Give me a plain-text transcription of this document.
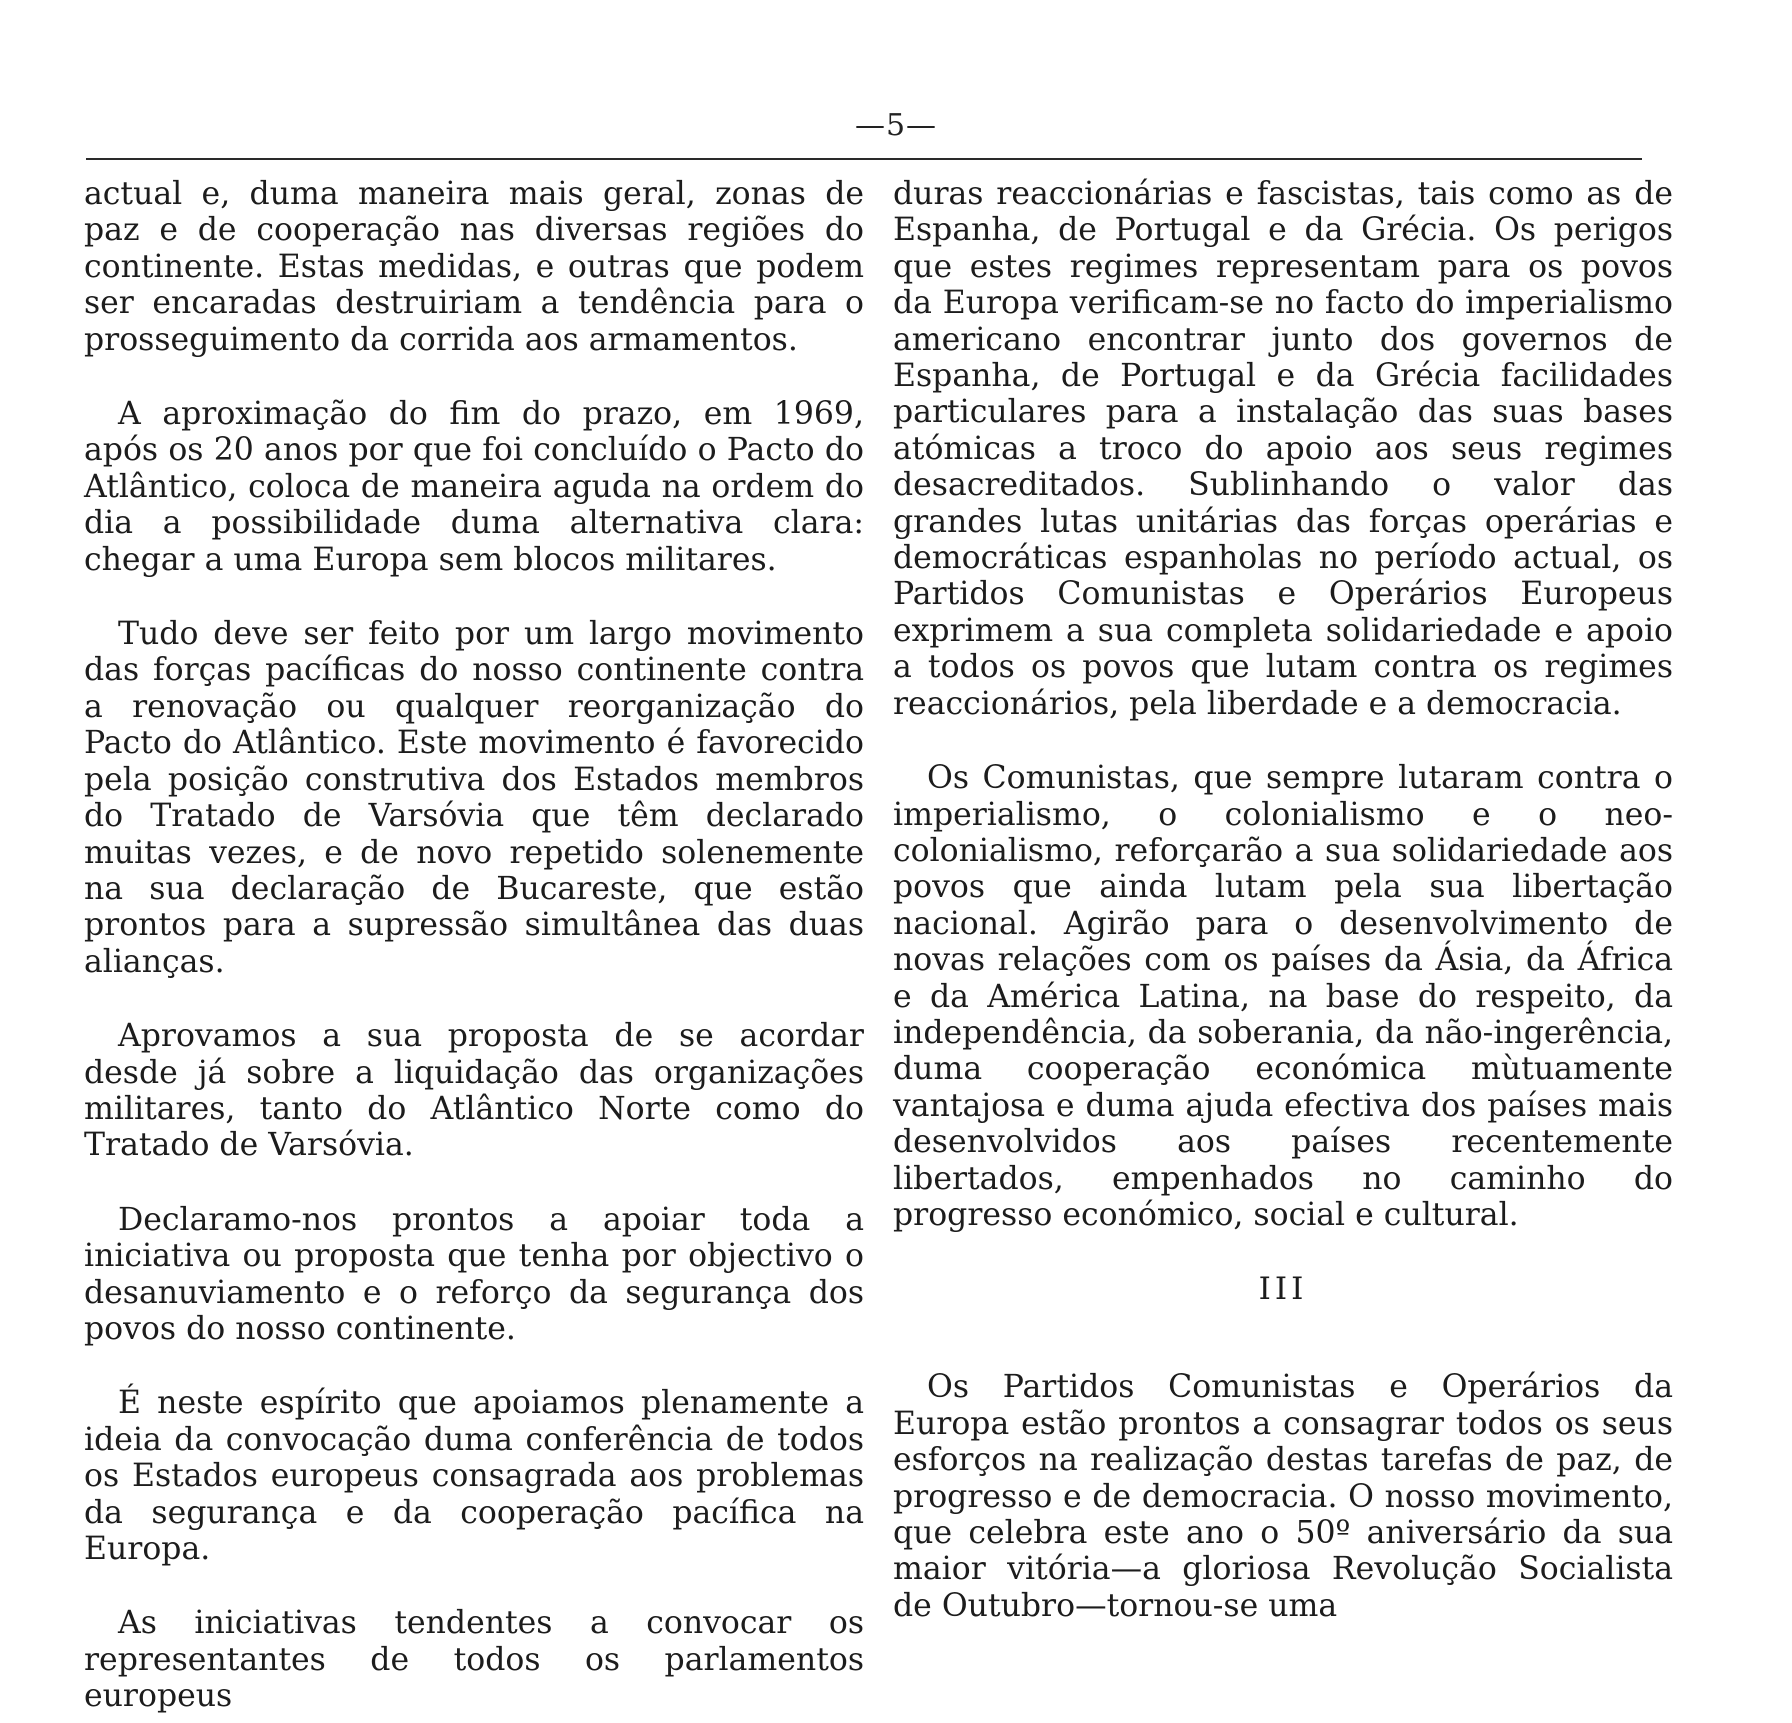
—5—

actual e, duma maneira mais geral, zonas de paz e de cooperação nas diversas regiões do continente. Estas medidas, e outras que podem ser encaradas destruiriam a tendência para o prosseguimento da corrida aos armamentos.

A aproximação do fim do prazo, em 1969, após os 20 anos por que foi concluído o Pacto do Atlântico, coloca de maneira aguda na ordem do dia a possibilidade duma alternativa clara: chegar a uma Europa sem blocos militares.

Tudo deve ser feito por um largo movimento das forças pacíficas do nosso continente contra a renovação ou qualquer reorganização do Pacto do Atlântico. Este movimento é favorecido pela posição construtiva dos Estados membros do Tratado de Varsóvia que têm declarado muitas vezes, e de novo repetido solenemente na sua declaração de Bucareste, que estão prontos para a supressão simultânea das duas alianças.

Aprovamos a sua proposta de se acordar desde já sobre a liquidação das organizações militares, tanto do Atlântico Norte como do Tratado de Varsóvia.

Declaramo-nos prontos a apoiar toda a iniciativa ou proposta que tenha por objectivo o desanuviamento e o reforço da segurança dos povos do nosso continente.

É neste espírito que apoiamos plenamente a ideia da convocação duma conferência de todos os Estados europeus consagrada aos problemas da segurança e da cooperação pacífica na Europa.

As iniciativas tendentes a convocar os representantes de todos os parlamentos europeus

duras reaccionárias e fascistas, tais como as de Espanha, de Portugal e da Grécia. Os perigos que estes regimes representam para os povos da Europa verificam-se no facto do imperialismo americano encontrar junto dos governos de Espanha, de Portugal e da Grécia facilidades particulares para a instalação das suas bases atómicas a troco do apoio aos seus regimes desacreditados. Sublinhando o valor das grandes lutas unitárias das forças operárias e democráticas espanholas no período actual, os Partidos Comunistas e Operários Europeus exprimem a sua completa solidariedade e apoio a todos os povos que lutam contra os regimes reaccionários, pela liberdade e a democracia.

Os Comunistas, que sempre lutaram contra o imperialismo, o colonialismo e o neo-colonialismo, reforçarão a sua solidariedade aos povos que ainda lutam pela sua libertação nacional. Agirão para o desenvolvimento de novas relações com os países da Ásia, da África e da América Latina, na base do respeito, da independência, da soberania, da não-ingerência, duma cooperação económica mùtuamente vantajosa e duma ajuda efectiva dos países mais desenvolvidos aos países recentemente libertados, empenhados no caminho do progresso económico, social e cultural.

III

Os Partidos Comunistas e Operários da Europa estão prontos a consagrar todos os seus esforços na realização destas tarefas de paz, de progresso e de democracia. O nosso movimento, que celebra este ano o 50º aniversário da sua maior vitória—a gloriosa Revolução Socialista de Outubro—tornou-se uma
